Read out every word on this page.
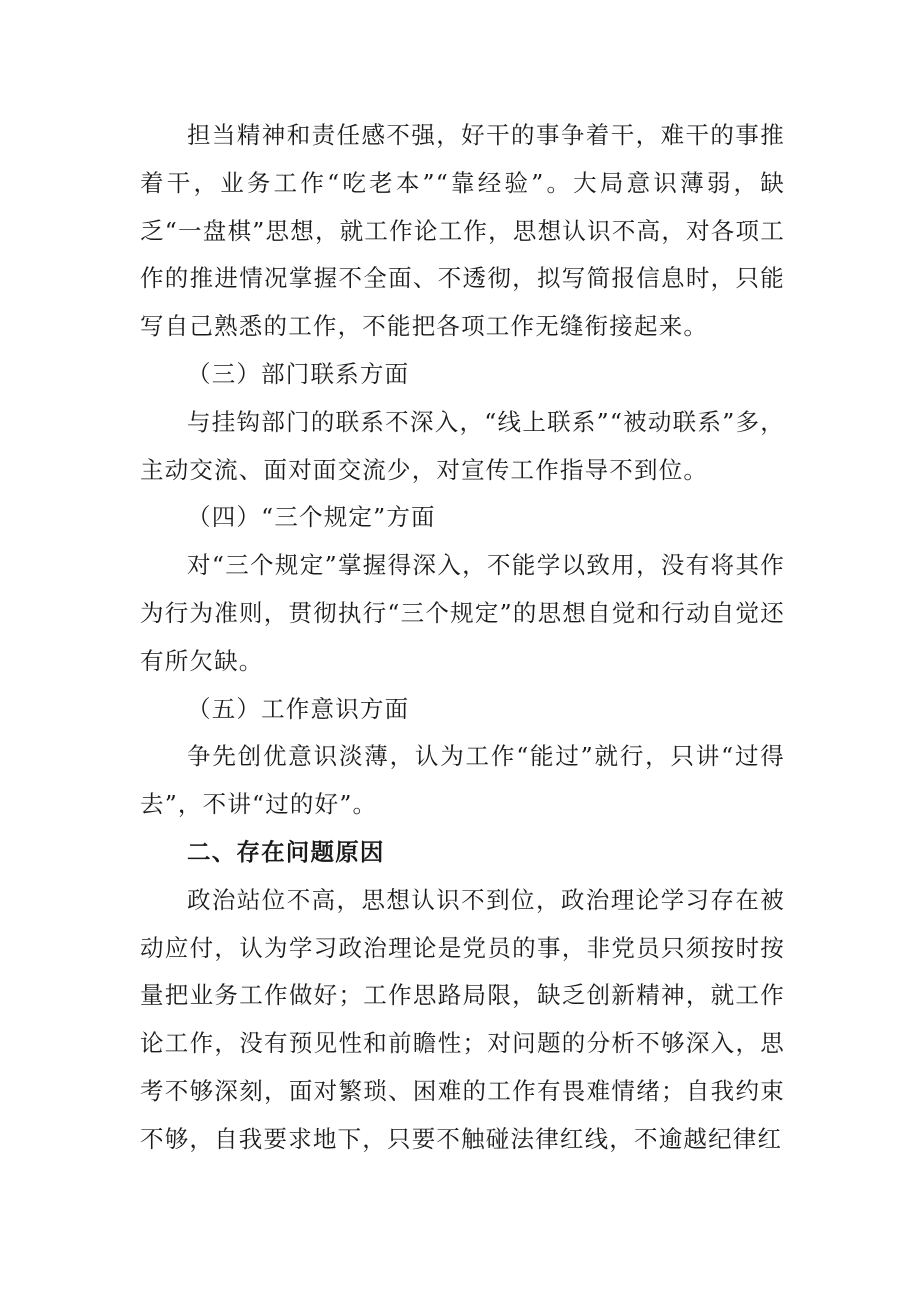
担当精神和责任感不强，好干的事争着干，难干的事推着干，业务工作“吃老本”“靠经验”。大局意识薄弱，缺乏“一盘棋”思想，就工作论工作，思想认识不高，对各项工作的推进情况掌握不全面、不透彻，拟写简报信息时，只能写自己熟悉的工作，不能把各项工作无缝衔接起来。

（三）部门联系方面

与挂钩部门的联系不深入，“线上联系”“被动联系”多，主动交流、面对面交流少，对宣传工作指导不到位。

（四）“三个规定”方面

对“三个规定”掌握得深入，不能学以致用，没有将其作为行为准则，贯彻执行“三个规定”的思想自觉和行动自觉还有所欠缺。

（五）工作意识方面

争先创优意识淡薄，认为工作“能过”就行，只讲“过得去”，不讲“过的好”。

二、存在问题原因

政治站位不高，思想认识不到位，政治理论学习存在被动应付，认为学习政治理论是党员的事，非党员只须按时按量把业务工作做好；工作思路局限，缺乏创新精神，就工作论工作，没有预见性和前瞻性；对问题的分析不够深入，思考不够深刻，面对繁琐、困难的工作有畏难情绪；自我约束不够，自我要求地下，只要不触碰法律红线，不逾越纪律红
